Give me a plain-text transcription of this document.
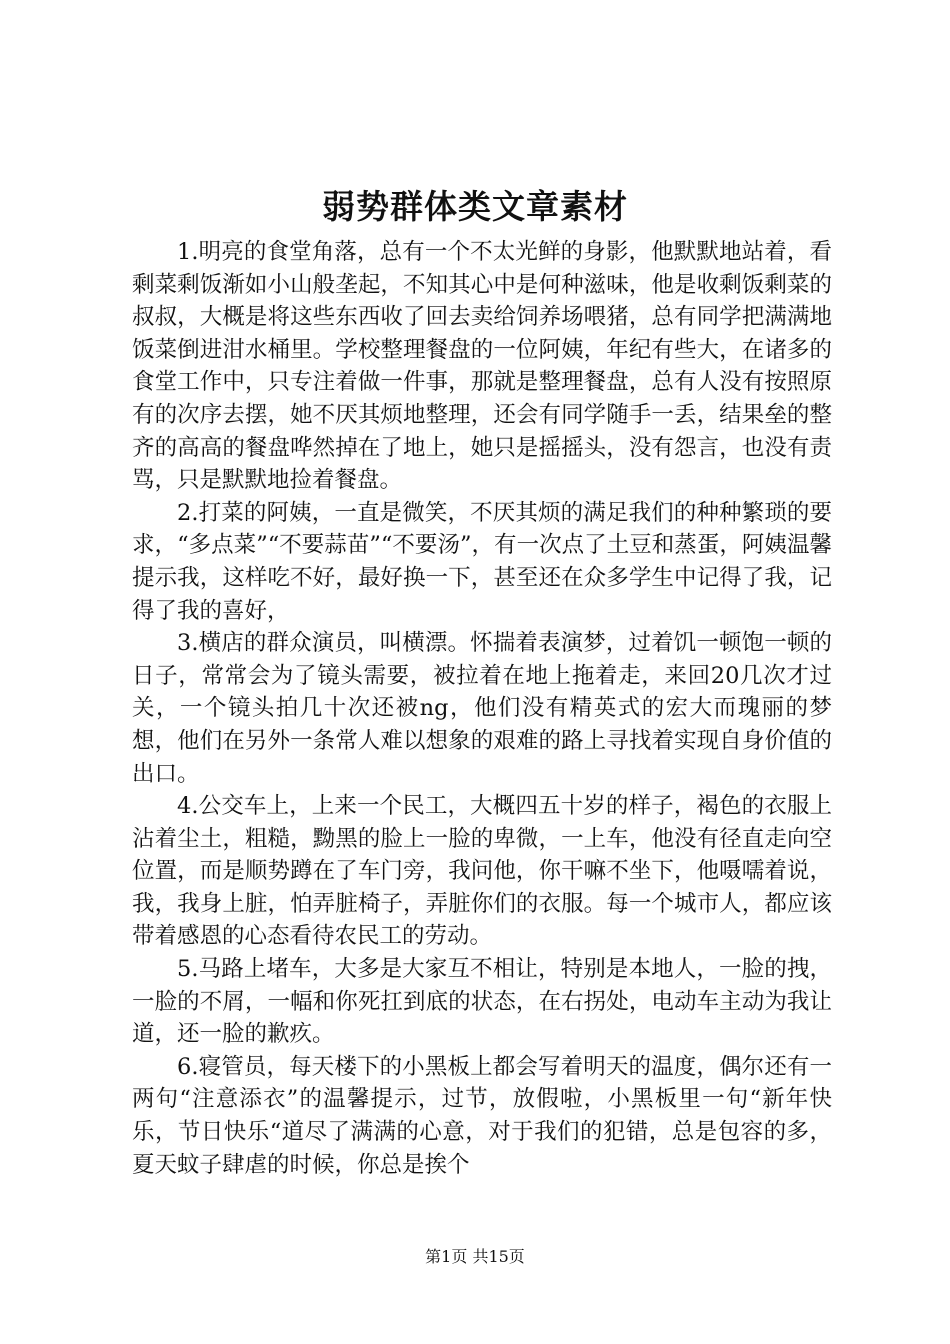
弱势群体类文章素材

1.明亮的食堂角落，总有一个不太光鲜的身影，他默默地站着，看剩菜剩饭渐如小山般垄起，不知其心中是何种滋味，他是收剩饭剩菜的叔叔，大概是将这些东西收了回去卖给饲养场喂猪，总有同学把满满地饭菜倒进泔水桶里。学校整理餐盘的一位阿姨，年纪有些大，在诸多的食堂工作中，只专注着做一件事，那就是整理餐盘，总有人没有按照原有的次序去摆，她不厌其烦地整理，还会有同学随手一丢，结果垒的整齐的高高的餐盘哗然掉在了地上，她只是摇摇头，没有怨言，也没有责骂，只是默默地捡着餐盘。

2.打菜的阿姨，一直是微笑，不厌其烦的满足我们的种种繁琐的要求，“多点菜”“不要蒜苗”“不要汤”，有一次点了土豆和蒸蛋，阿姨温馨提示我，这样吃不好，最好换一下，甚至还在众多学生中记得了我，记得了我的喜好，

3.横店的群众演员，叫横漂。怀揣着表演梦，过着饥一顿饱一顿的日子，常常会为了镜头需要，被拉着在地上拖着走，来回20几次才过关，一个镜头拍几十次还被ng，他们没有精英式的宏大而瑰丽的梦想，他们在另外一条常人难以想象的艰难的路上寻找着实现自身价值的出口。

4.公交车上，上来一个民工，大概四五十岁的样子，褐色的衣服上沾着尘土，粗糙，黝黑的脸上一脸的卑微，一上车，他没有径直走向空位置，而是顺势蹲在了车门旁，我问他，你干嘛不坐下，他嗫嚅着说，我，我身上脏，怕弄脏椅子，弄脏你们的衣服。每一个城市人，都应该带着感恩的心态看待农民工的劳动。

5.马路上堵车，大多是大家互不相让，特别是本地人，一脸的拽，一脸的不屑，一幅和你死扛到底的状态，在右拐处，电动车主动为我让道，还一脸的歉疚。

6.寝管员，每天楼下的小黑板上都会写着明天的温度，偶尔还有一两句“注意添衣”的温馨提示，过节，放假啦，小黑板里一句“新年快乐，节日快乐“道尽了满满的心意，对于我们的犯错，总是包容的多，夏天蚊子肆虐的时候，你总是挨个

第1页 共15页
